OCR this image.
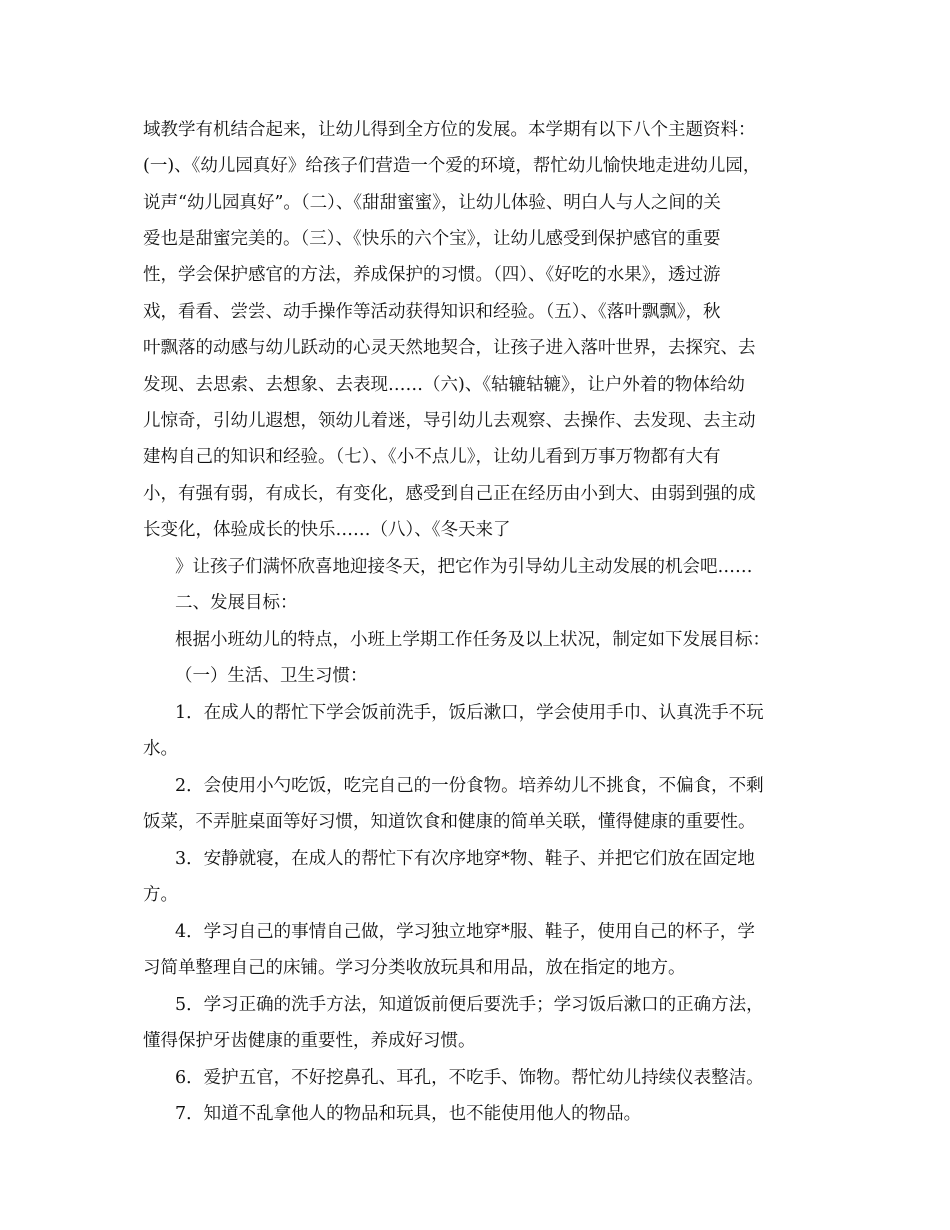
域教学有机结合起来，让幼儿得到全方位的发展。本学期有以下八个主题资料：
(一)、《幼儿园真好》给孩子们营造一个爱的环境，帮忙幼儿愉快地走进幼儿园，
说声“幼儿园真好”。（二）、《甜甜蜜蜜》，让幼儿体验、明白人与人之间的关
爱也是甜蜜完美的。（三）、《快乐的六个宝》，让幼儿感受到保护感官的重要
性，学会保护感官的方法，养成保护的习惯。（四）、《好吃的水果》，透过游
戏，看看、尝尝、动手操作等活动获得知识和经验。（五）、《落叶飘飘》，秋
叶飘落的动感与幼儿跃动的心灵天然地契合，让孩子进入落叶世界，去探究、去
发现、去思索、去想象、去表现……（六)、《轱辘轱辘》，让户外着的物体给幼
儿惊奇，引幼儿遐想，领幼儿着迷，导引幼儿去观察、去操作、去发现、去主动
建构自己的知识和经验。（七）、《小不点儿》，让幼儿看到万事万物都有大有
小，有强有弱，有成长，有变化，感受到自己正在经历由小到大、由弱到强的成
长变化，体验成长的快乐……（八）、《冬天来了
》让孩子们满怀欣喜地迎接冬天，把它作为引导幼儿主动发展的机会吧……
二、发展目标：
根据小班幼儿的特点，小班上学期工作任务及以上状况，制定如下发展目标：
（一）生活、卫生习惯：
1．在成人的帮忙下学会饭前洗手，饭后漱口，学会使用手巾、认真洗手不玩
水。
2．会使用小勺吃饭，吃完自己的一份食物。培养幼儿不挑食，不偏食，不剩
饭菜，不弄脏桌面等好习惯，知道饮食和健康的简单关联，懂得健康的重要性。
3．安静就寝，在成人的帮忙下有次序地穿*物、鞋子、并把它们放在固定地
方。
4．学习自己的事情自己做，学习独立地穿*服、鞋子，使用自己的杯子，学
习简单整理自己的床铺。学习分类收放玩具和用品，放在指定的地方。
5．学习正确的洗手方法，知道饭前便后要洗手；学习饭后漱口的正确方法，
懂得保护牙齿健康的重要性，养成好习惯。
6．爱护五官，不好挖鼻孔、耳孔，不吃手、饰物。帮忙幼儿持续仪表整洁。
7．知道不乱拿他人的物品和玩具，也不能使用他人的物品。
